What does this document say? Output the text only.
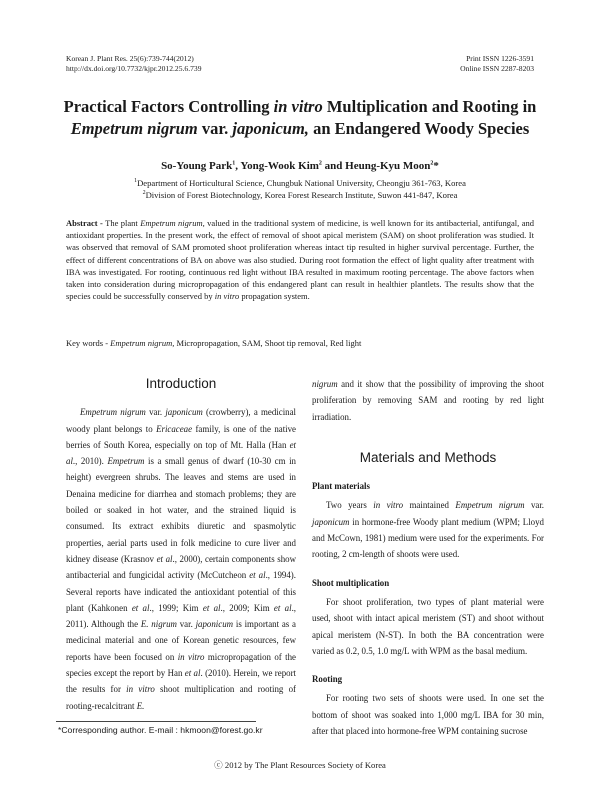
Korean J. Plant Res. 25(6):739-744(2012)
http://dx.doi.org/10.7732/kjpr.2012.25.6.739
Print ISSN 1226-3591
Online ISSN 2287-8203
Practical Factors Controlling in vitro Multiplication and Rooting in
Empetrum nigrum var. japonicum, an Endangered Woody Species
So-Young Park$^1$, Yong-Wook Kim$^2$ and Heung-Kyu Moon$^2$*
$^1$Department of Horticultural Science, Chungbuk National University, Cheongju 361-763, Korea
$^2$Division of Forest Biotechnology, Korea Forest Research Institute, Suwon 441-847, Korea
Abstract - The plant Empetrum nigrum, valued in the traditional system of medicine, is well known for its antibacterial, antifungal, and antioxidant properties. In the present work, the effect of removal of shoot apical meristem (SAM) on shoot proliferation was studied. It was observed that removal of SAM promoted shoot proliferation whereas intact tip resulted in higher survival percentage. Further, the effect of different concentrations of BA on above was also studied. During root formation the effect of light quality after treatment with IBA was investigated. For rooting, continuous red light without IBA resulted in maximum rooting percentage. The above factors when taken into consideration during micropropagation of this endangered plant can result in healthier plantlets. The results show that the species could be successfully conserved by in vitro propagation system.
Key words - Empetrum nigrum, Micropropagation, SAM, Shoot tip removal, Red light
Introduction

Empetrum nigrum var. japonicum (crowberry), a medicinal woody plant belongs to Ericaceae family, is one of the native berries of South Korea, especially on top of Mt. Halla (Han et al., 2010). Empetrum is a small genus of dwarf (10-30 cm in height) evergreen shrubs. The leaves and stems are used in Denaina medicine for diarrhea and stomach problems; they are boiled or soaked in hot water, and the strained liquid is consumed. Its extract exhibits diuretic and spasmolytic properties, aerial parts used in folk medicine to cure liver and kidney disease (Krasnov et al., 2000), certain components show antibacterial and fungicidal activity (McCutcheon et al., 1994). Several reports have indicated the antioxidant potential of this plant (Kahkonen et al., 1999; Kim et al., 2009; Kim et al., 2011). Although the E. nigrum var. japonicum is important as a medicinal material and one of Korean genetic resources, few reports have been focused on in vitro micropropagation of the species except the report by Han et al. (2010). Herein, we report the results for in vitro shoot multiplication and rooting of rooting-recalcitrant E.

nigrum and it show that the possibility of improving the shoot proliferation by removing SAM and rooting by red light irradiation.

Materials and Methods
Plant materials

Two years in vitro maintained Empetrum nigrum var. japonicum in hormone-free Woody plant medium (WPM; Lloyd and McCown, 1981) medium were used for the experiments. For rooting, 2 cm-length of shoots were used.

Shoot multiplication

For shoot proliferation, two types of plant material were used, shoot with intact apical meristem (ST) and shoot without apical meristem (N-ST). In both the BA concentration were varied as 0.2, 0.5, 1.0 mg/L with WPM as the basal medium.

Rooting

For rooting two sets of shoots were used. In one set the bottom of shoot was soaked into 1,000 mg/L IBA for 30 min, after that placed into hormone-free WPM containing sucrose

*Corresponding author. E-mail : hkmoon@forest.go.kr
ⓒ 2012 by The Plant Resources Society of Korea
